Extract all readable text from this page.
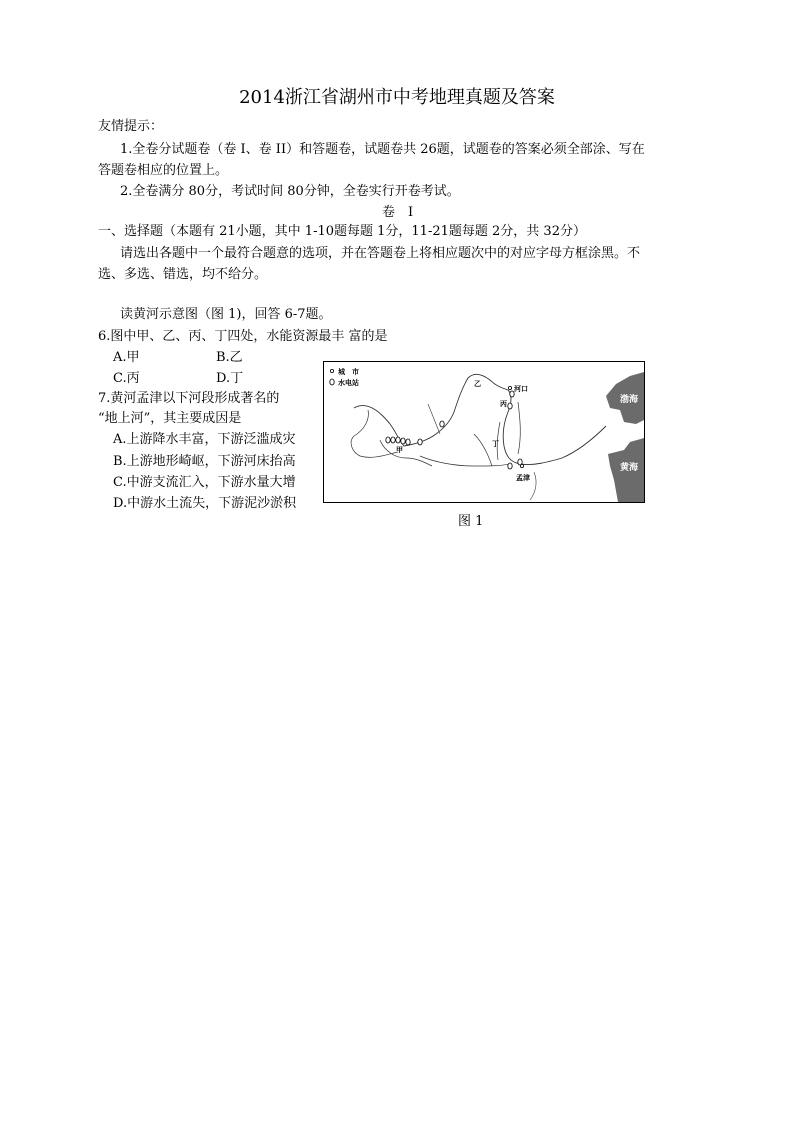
2014浙江省湖州市中考地理真题及答案
友情提示：
1.全卷分试题卷（卷 I、卷 II）和答题卷，试题卷共 26题，试题卷的答案必须全部涂、写在
答题卷相应的位置上。
2.全卷满分 80分，考试时间 80分钟，全卷实行开卷考试。
卷　I
一、选择题（本题有 21小题，其中 1-10题每题 1分，11-21题每题 2分，共 32分）
请选出各题中一个最符合题意的选项，并在答题卷上将相应题次中的对应字母方框涂黑。不
选、多选、错选，均不给分。
读黄河示意图（图 1)，回答 6-7题。
6.图中甲、乙、丙、丁四处，水能资源最丰 富的是
A.甲	B.乙
C.丙	D.丁
7.黄河孟津以下河段形成著名的
“地上河”，其主要成因是
A.上游降水丰富，下游泛滥成灾
B.上游地形崎岖，下游河床抬高
C.中游支流汇入，下游水量大增
D.中游水土流失，下游泥沙淤积
城　市
水电站
甲
乙
丙
丁
河口
孟津
渤海
黄海
图 1
